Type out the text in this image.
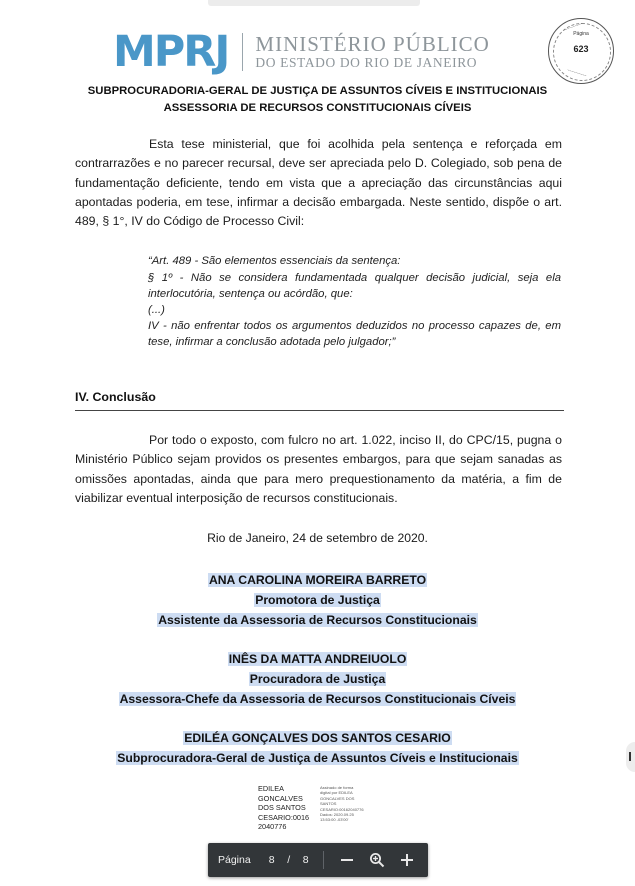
MPRJ MINISTÉRIO PÚBLICO
DO ESTADO DO RIO DE JANEIRO
Página
623
~~~~~~~~~~
~~~~~~~~~~
SUBPROCURADORIA-GERAL DE JUSTIÇA DE ASSUNTOS CÍVEIS E INSTITUCIONAIS
ASSESSORIA DE RECURSOS CONSTITUCIONAIS CÍVEIS

Esta tese ministerial, que foi acolhida pela sentença e reforçada em contrarrazões e no parecer recursal, deve ser apreciada pelo D. Colegiado, sob pena de fundamentação deficiente, tendo em vista que a apreciação das circunstâncias aqui apontadas poderia, em tese, infirmar a decisão embargada. Neste sentido, dispõe o art. 489, § 1°, IV do Código de Processo Civil:

“Art. 489 - São elementos essenciais da sentença:
§ 1º - Não se considera fundamentada qualquer decisão judicial, seja ela interlocutória, sentença ou acórdão, que:
(...)
IV - não enfrentar todos os argumentos deduzidos no processo capazes de, em tese, infirmar a conclusão adotada pelo julgador;”
IV. Conclusão

Por todo o exposto, com fulcro no art. 1.022, inciso II, do CPC/15, pugna o Ministério Público sejam providos os presentes embargos, para que sejam sanadas as omissões apontadas, ainda que para mero prequestionamento da matéria, a fim de viabilizar eventual interposição de recursos constitucionais.

Rio de Janeiro, 24 de setembro de 2020.
ANA CAROLINA MOREIRA BARRETO
Promotora de Justiça
Assistente da Assessoria de Recursos Constitucionais
INÊS DA MATTA ANDREIUOLO
Procuradora de Justiça
Assessora-Chefe da Assessoria de Recursos Constitucionais Cíveis
EDILÉA GONÇALVES DOS SANTOS CESARIO
Subprocuradora-Geral de Justiça de Assuntos Cíveis e Institucionais
EDILEA
GONCALVES
DOS SANTOS
CESARIO:0016
2040776
Assinado de forma
digital por EDILEA
GONCALVES DOS
SANTOS
CESARIO:00162040776
Dados: 2020.09.25
13:53:00 -03'00'
Página	8	/	8
